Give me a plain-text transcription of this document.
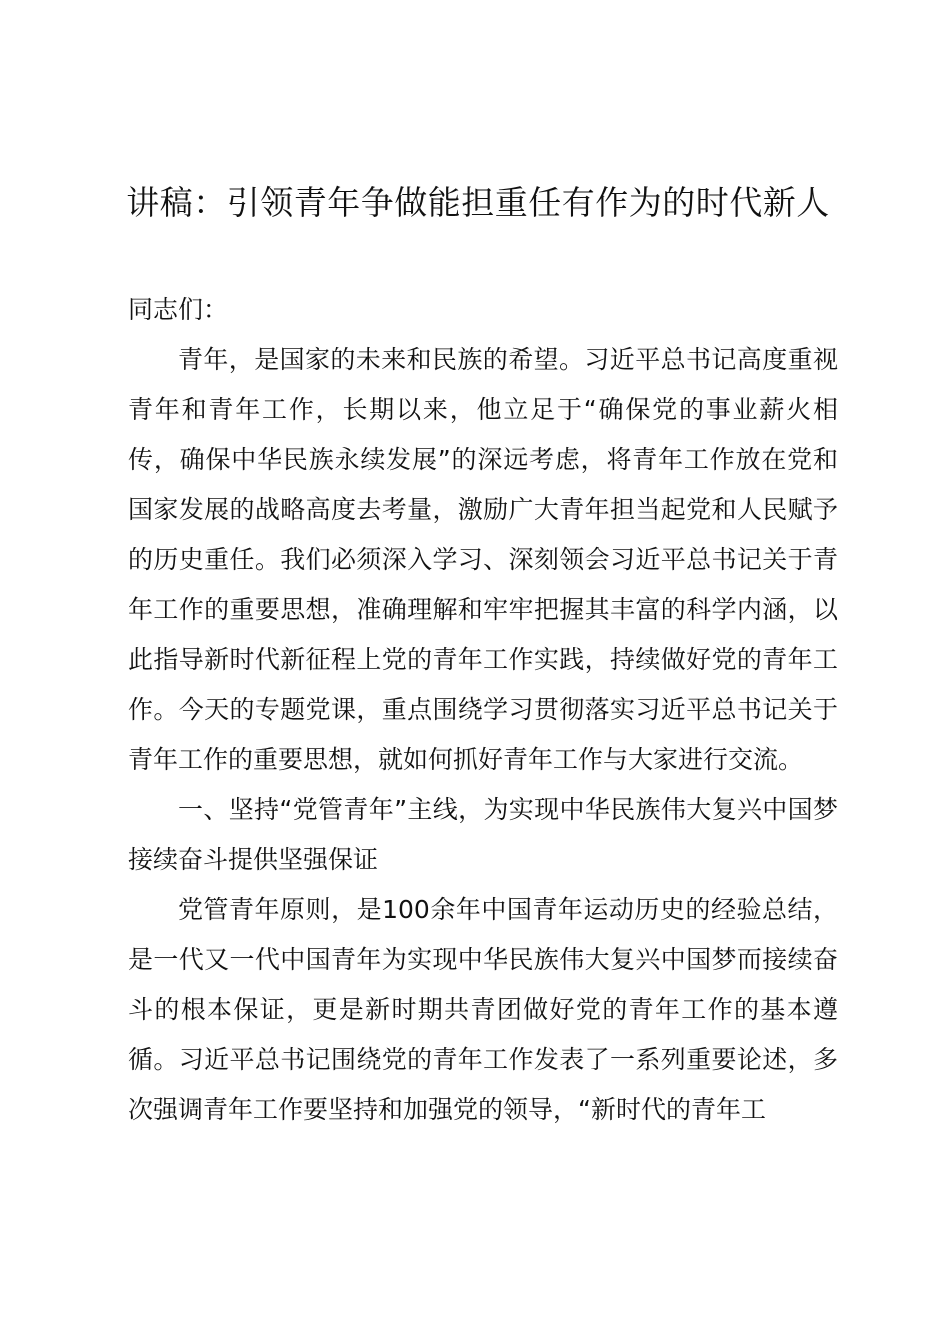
讲稿：引领青年争做能担重任有作为的时代新人

同志们：

青年，是国家的未来和民族的希望。习近平总书记高度重视青年和青年工作，长期以来，他立足于“确保党的事业薪火相传，确保中华民族永续发展”的深远考虑，将青年工作放在党和国家发展的战略高度去考量，激励广大青年担当起党和人民赋予的历史重任。我们必须深入学习、深刻领会习近平总书记关于青年工作的重要思想，准确理解和牢牢把握其丰富的科学内涵，以此指导新时代新征程上党的青年工作实践，持续做好党的青年工作。今天的专题党课，重点围绕学习贯彻落实习近平总书记关于青年工作的重要思想，就如何抓好青年工作与大家进行交流。

一、坚持“党管青年”主线，为实现中华民族伟大复兴中国梦接续奋斗提供坚强保证

党管青年原则，是100余年中国青年运动历史的经验总结，是一代又一代中国青年为实现中华民族伟大复兴中国梦而接续奋斗的根本保证，更是新时期共青团做好党的青年工作的基本遵循。习近平总书记围绕党的青年工作发表了一系列重要论述，多次强调青年工作要坚持和加强党的领导，“新时代的青年工
